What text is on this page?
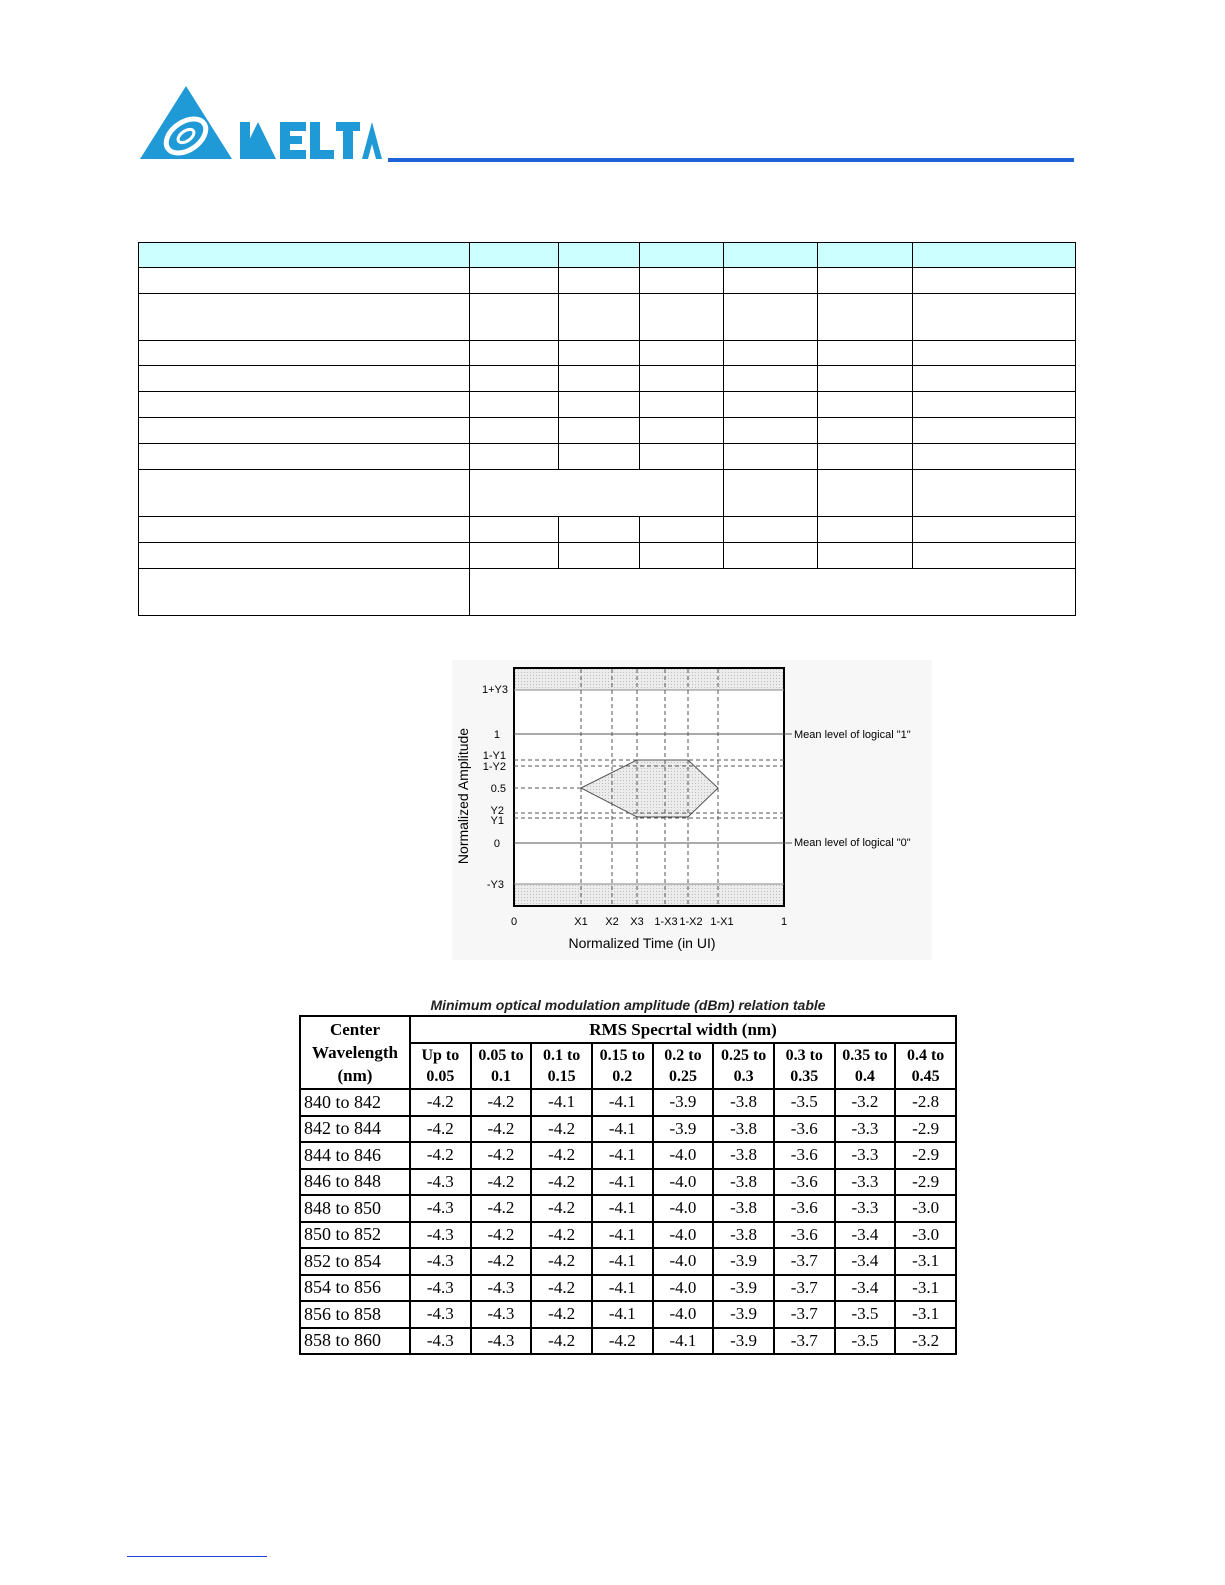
1+Y3
1
1-Y1
1-Y2
0.5
Y2
Y1
0
-Y3
0	X1 X2 X3 1-X3 1-X2 1-X1	1
Normalized Time (in UI)
Normalized Amplitude	Mean level of logical "1"
Mean level of logical "0"
Minimum optical modulation amplitude (dBm) relation table
Center Wavelength (nm)	RMS Specrtal width (nm)								
	Up to 0.05	0.05 to 0.1	0.1 to 0.15	0.15 to 0.2	0.2 to 0.25	0.25 to 0.3	0.3 to 0.35	0.35 to 0.4	0.4 to 0.45
840 to 842	-4.2	-4.2	-4.1	-4.1	-3.9	-3.8	-3.5	-3.2	-2.8
842 to 844	-4.2	-4.2	-4.2	-4.1	-3.9	-3.8	-3.6	-3.3	-2.9
844 to 846	-4.2	-4.2	-4.2	-4.1	-4.0	-3.8	-3.6	-3.3	-2.9
846 to 848	-4.3	-4.2	-4.2	-4.1	-4.0	-3.8	-3.6	-3.3	-2.9
848 to 850	-4.3	-4.2	-4.2	-4.1	-4.0	-3.8	-3.6	-3.3	-3.0
850 to 852	-4.3	-4.2	-4.2	-4.1	-4.0	-3.8	-3.6	-3.4	-3.0
852 to 854	-4.3	-4.2	-4.2	-4.1	-4.0	-3.9	-3.7	-3.4	-3.1
854 to 856	-4.3	-4.3	-4.2	-4.1	-4.0	-3.9	-3.7	-3.4	-3.1
856 to 858	-4.3	-4.3	-4.2	-4.1	-4.0	-3.9	-3.7	-3.5	-3.1
858 to 860	-4.3	-4.3	-4.2	-4.2	-4.1	-3.9	-3.7	-3.5	-3.2
